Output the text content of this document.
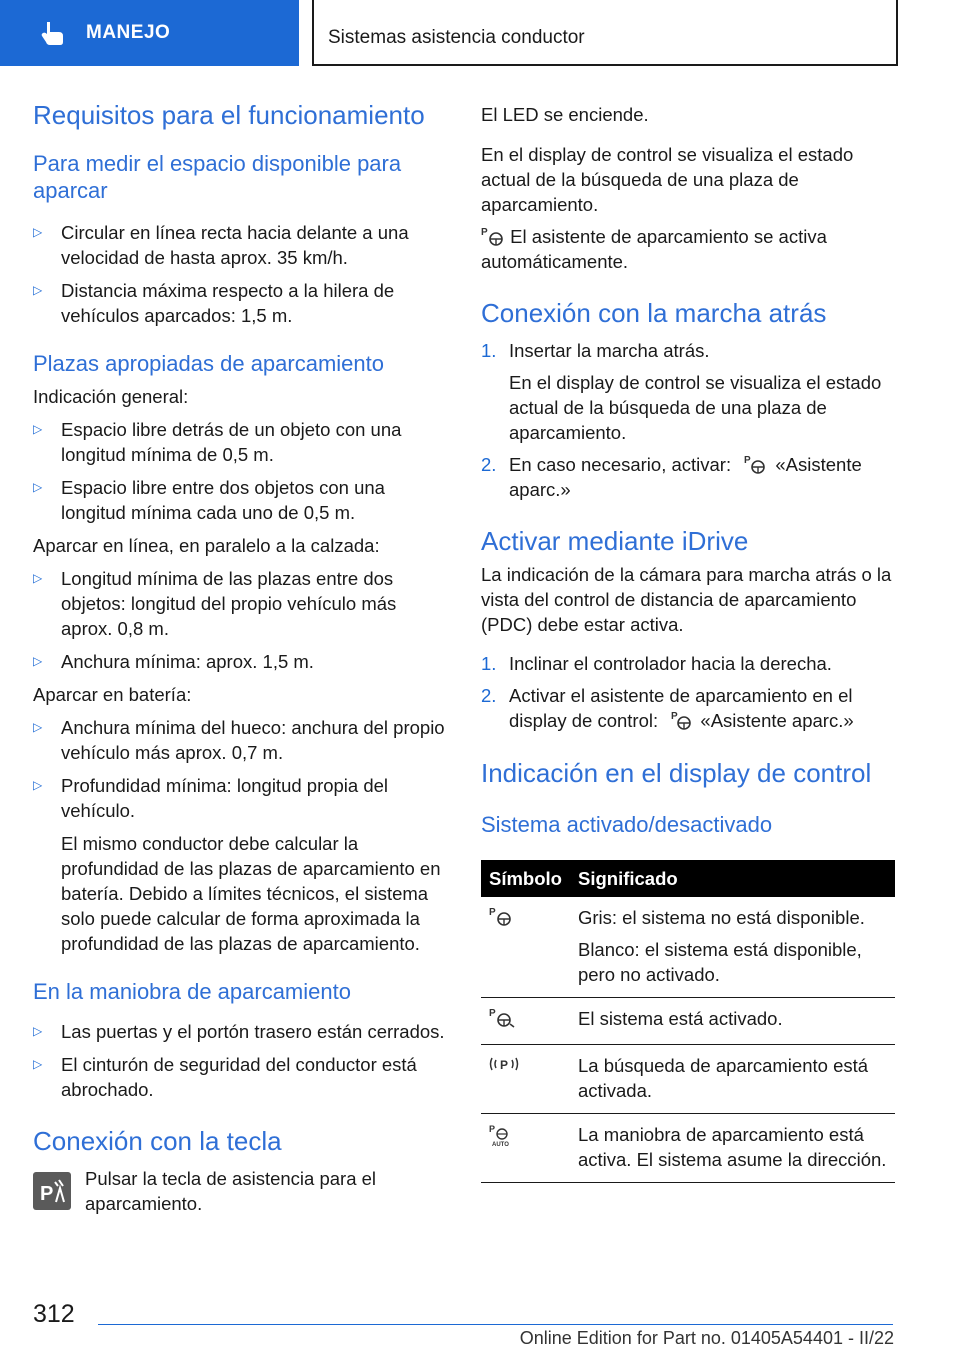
MANEJO	Sistemas asistencia conductor
Requisitos para el funcionamiento
Para medir el espacio disponible para aparcar
▷	Circular en línea recta hacia delante a una velocidad de hasta aprox. 35 km/h.
▷	Distancia máxima respecto a la hilera de vehículos aparcados: 1,5 m.
Plazas apropiadas de aparcamiento

Indicación general:

▷	Espacio libre detrás de un objeto con una longitud mínima de 0,5 m.
▷	Espacio libre entre dos objetos con una longitud mínima cada uno de 0,5 m.

Aparcar en línea, en paralelo a la calzada:

▷	Longitud mínima de las plazas entre dos objetos: longitud del propio vehículo más aprox. 0,8 m.
▷	Anchura mínima: aprox. 1,5 m.

Aparcar en batería:

▷	Anchura mínima del hueco: anchura del propio vehículo más aprox. 0,7 m.
▷	Profundidad mínima: longitud propia del vehículo.

El mismo conductor debe calcular la profundidad de las plazas de aparcamiento en batería. Debido a límites técnicos, el sistema solo puede calcular de forma aproximada la profundidad de las plazas de aparcamiento.

En la maniobra de aparcamiento
▷	Las puertas y el portón trasero están cerrados.
▷	El cinturón de seguridad del conductor está abrochado.
Conexión con la tecla
P
Pulsar la tecla de asistencia para el aparcamiento.

El LED se enciende.

En el display de control se visualiza el estado actual de la búsqueda de una plaza de aparcamiento.

P El asistente de aparcamiento se activa automáticamente.

Conexión con la marcha atrás
1. Insertar la marcha atrás.

En el display de control se visualiza el estado actual de la búsqueda de una plaza de aparcamiento.

2. En caso necesario, activar: P «Asistente aparc.»
Activar mediante iDrive

La indicación de la cámara para marcha atrás o la vista del control de distancia de aparcamiento (PDC) debe estar activa.

1. Inclinar el controlador hacia la derecha.
2. Activar el asistente de aparcamiento en el display de control: P «Asistente aparc.»
Indicación en el display de control
Sistema activado/desactivado
Símbolo	Significado

P	Gris: el sistema no está disponible.

Blanco: el sistema está disponible, pero no activado.

P	El sistema está activado.

P	La búsqueda de aparcamiento está activada.

P
AUTO	La maniobra de aparcamiento está activa. El sistema asume la dirección.
312
Online Edition for Part no. 01405A54401 - II/22
